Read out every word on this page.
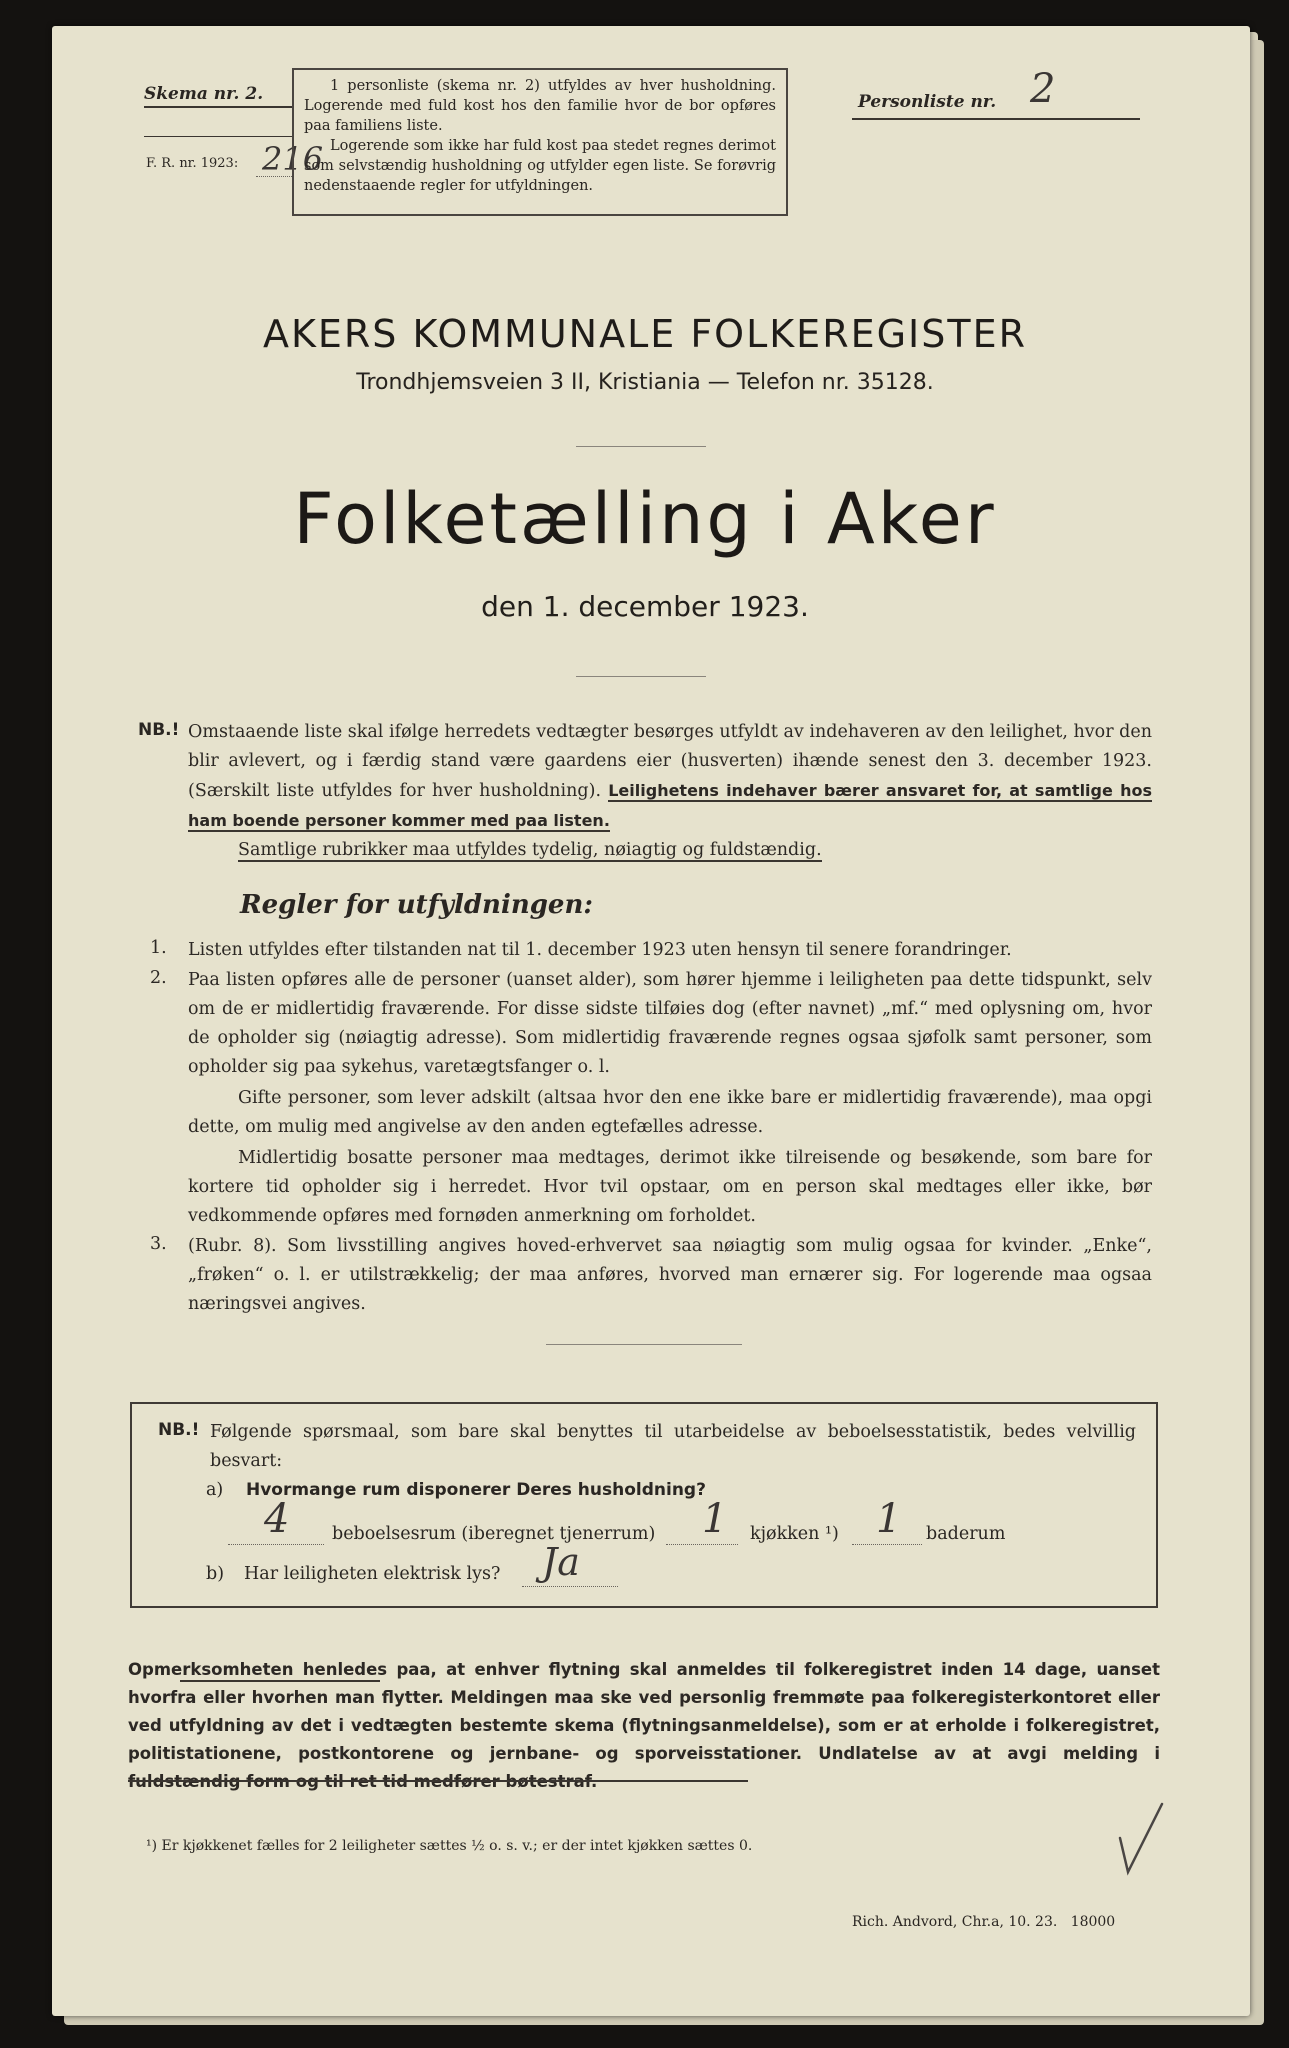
Skema nr. 2.
F. R. nr. 1923: 216
1 personliste (skema nr. 2) utfyldes av hver husholdning. Logerende med fuld kost hos den familie hvor de bor opføres paa familiens liste.
Logerende som ikke har fuld kost paa stedet regnes derimot som selvstændig husholdning og utfylder egen liste. Se forøvrig nedenstaaende regler for utfyldningen.
Personliste nr. 2
AKERS KOMMUNALE FOLKEREGISTER
Trondhjemsveien 3 II, Kristiania — Telefon nr. 35128.
Folketælling i Aker
den 1. december 1923.
NB.! Omstaaende liste skal ifølge herredets vedtægter besørges utfyldt av indehaveren av den leilighet, hvor den blir avlevert, og i færdig stand være gaardens eier (husverten) ihænde senest den 3. december 1923. (Særskilt liste utfyldes for hver husholdning). Leilighetens indehaver bærer ansvaret for, at samtlige hos ham boende personer kommer med paa listen.
Samtlige rubrikker maa utfyldes tydelig, nøiagtig og fuldstændig.
Regler for utfyldningen:
1. Listen utfyldes efter tilstanden nat til 1. december 1923 uten hensyn til senere forandringer.
2. Paa listen opføres alle de personer (uanset alder), som hører hjemme i leiligheten paa dette tidspunkt, selv om de er midlertidig fraværende. For disse sidste tilføies dog (efter navnet) „mf.“ med oplysning om, hvor de opholder sig (nøiagtig adresse). Som midlertidig fraværende regnes ogsaa sjøfolk samt personer, som opholder sig paa sykehus, varetægtsfanger o. l.
Gifte personer, som lever adskilt (altsaa hvor den ene ikke bare er midlertidig fraværende), maa opgi dette, om mulig med angivelse av den anden egtefælles adresse.
Midlertidig bosatte personer maa medtages, derimot ikke tilreisende og besøkende, som bare for kortere tid opholder sig i herredet. Hvor tvil opstaar, om en person skal medtages eller ikke, bør vedkommende opføres med fornøden anmerkning om forholdet.
3. (Rubr. 8). Som livsstilling angives hoved-erhvervet saa nøiagtig som mulig ogsaa for kvinder. „Enke“, „frøken“ o. l. er utilstrækkelig; der maa anføres, hvorved man ernærer sig. For logerende maa ogsaa næringsvei angives.
NB.! Følgende spørsmaal, som bare skal benyttes til utarbeidelse av beboelsesstatistik, bedes velvillig besvart:
a) Hvormange rum disponerer Deres husholdning?
4 beboelsesrum (iberegnet tjenerrum) 1 kjøkken ¹) 1 baderum
b) Har leiligheten elektrisk lys? Ja
Opmerksomheten henledes paa, at enhver flytning skal anmeldes til folkeregistret inden 14 dage, uanset hvorfra eller hvorhen man flytter. Meldingen maa ske ved personlig fremmøte paa folkeregisterkontoret eller ved utfyldning av det i vedtægten bestemte skema (flytningsanmeldelse), som er at erholde i folkeregistret, politistationene, postkontorene og jernbane- og sporveisstationer. Undlatelse av at avgi melding i fuldstændig form og til ret tid medfører bøtestraf.
¹) Er kjøkkenet fælles for 2 leiligheter sættes ½ o. s. v.; er der intet kjøkken sættes 0.
Rich. Andvord, Chr.a, 10. 23.   18000
